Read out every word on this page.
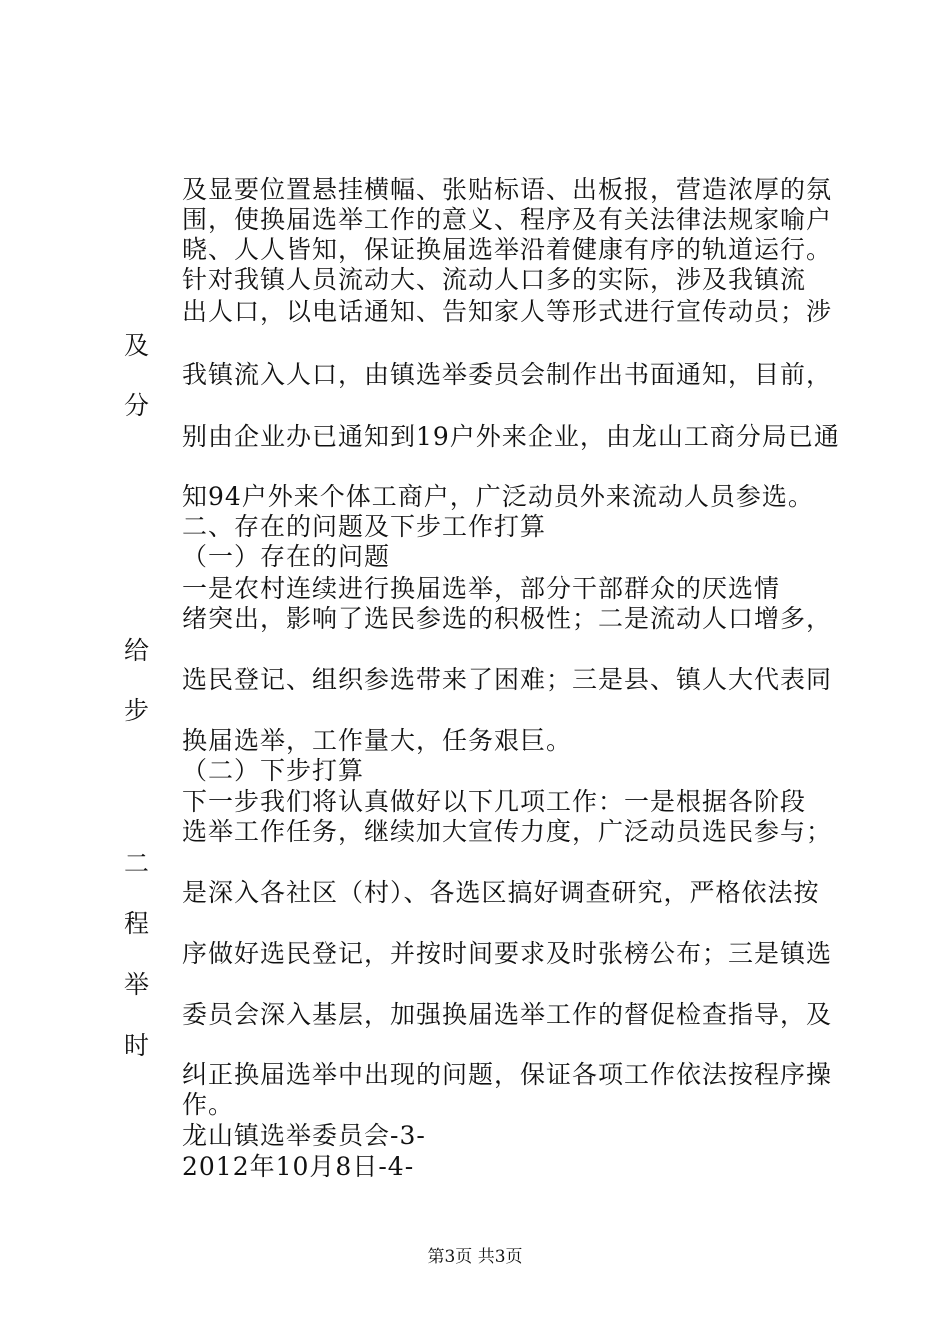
及显要位置悬挂横幅、张贴标语、出板报，营造浓厚的氛
围，使换届选举工作的意义、程序及有关法律法规家喻户
晓、人人皆知，保证换届选举沿着健康有序的轨道运行。
针对我镇人员流动大、流动人口多的实际，涉及我镇流
出人口，以电话通知、告知家人等形式进行宣传动员；涉
及
我镇流入人口，由镇选举委员会制作出书面通知，目前，
分
别由企业办已通知到19户外来企业，由龙山工商分局已通
知94户外来个体工商户，广泛动员外来流动人员参选。
二、存在的问题及下步工作打算
（一）存在的问题
一是农村连续进行换届选举，部分干部群众的厌选情
绪突出，影响了选民参选的积极性；二是流动人口增多，
给
选民登记、组织参选带来了困难；三是县、镇人大代表同
步
换届选举，工作量大，任务艰巨。
（二）下步打算
下一步我们将认真做好以下几项工作：一是根据各阶段
选举工作任务，继续加大宣传力度，广泛动员选民参与；
二
是深入各社区（村）、各选区搞好调查研究，严格依法按
程
序做好选民登记，并按时间要求及时张榜公布；三是镇选
举
委员会深入基层，加强换届选举工作的督促检查指导，及
时
纠正换届选举中出现的问题，保证各项工作依法按程序操
作。
龙山镇选举委员会-3-
2012年10月8日-4-
第3页 共3页
